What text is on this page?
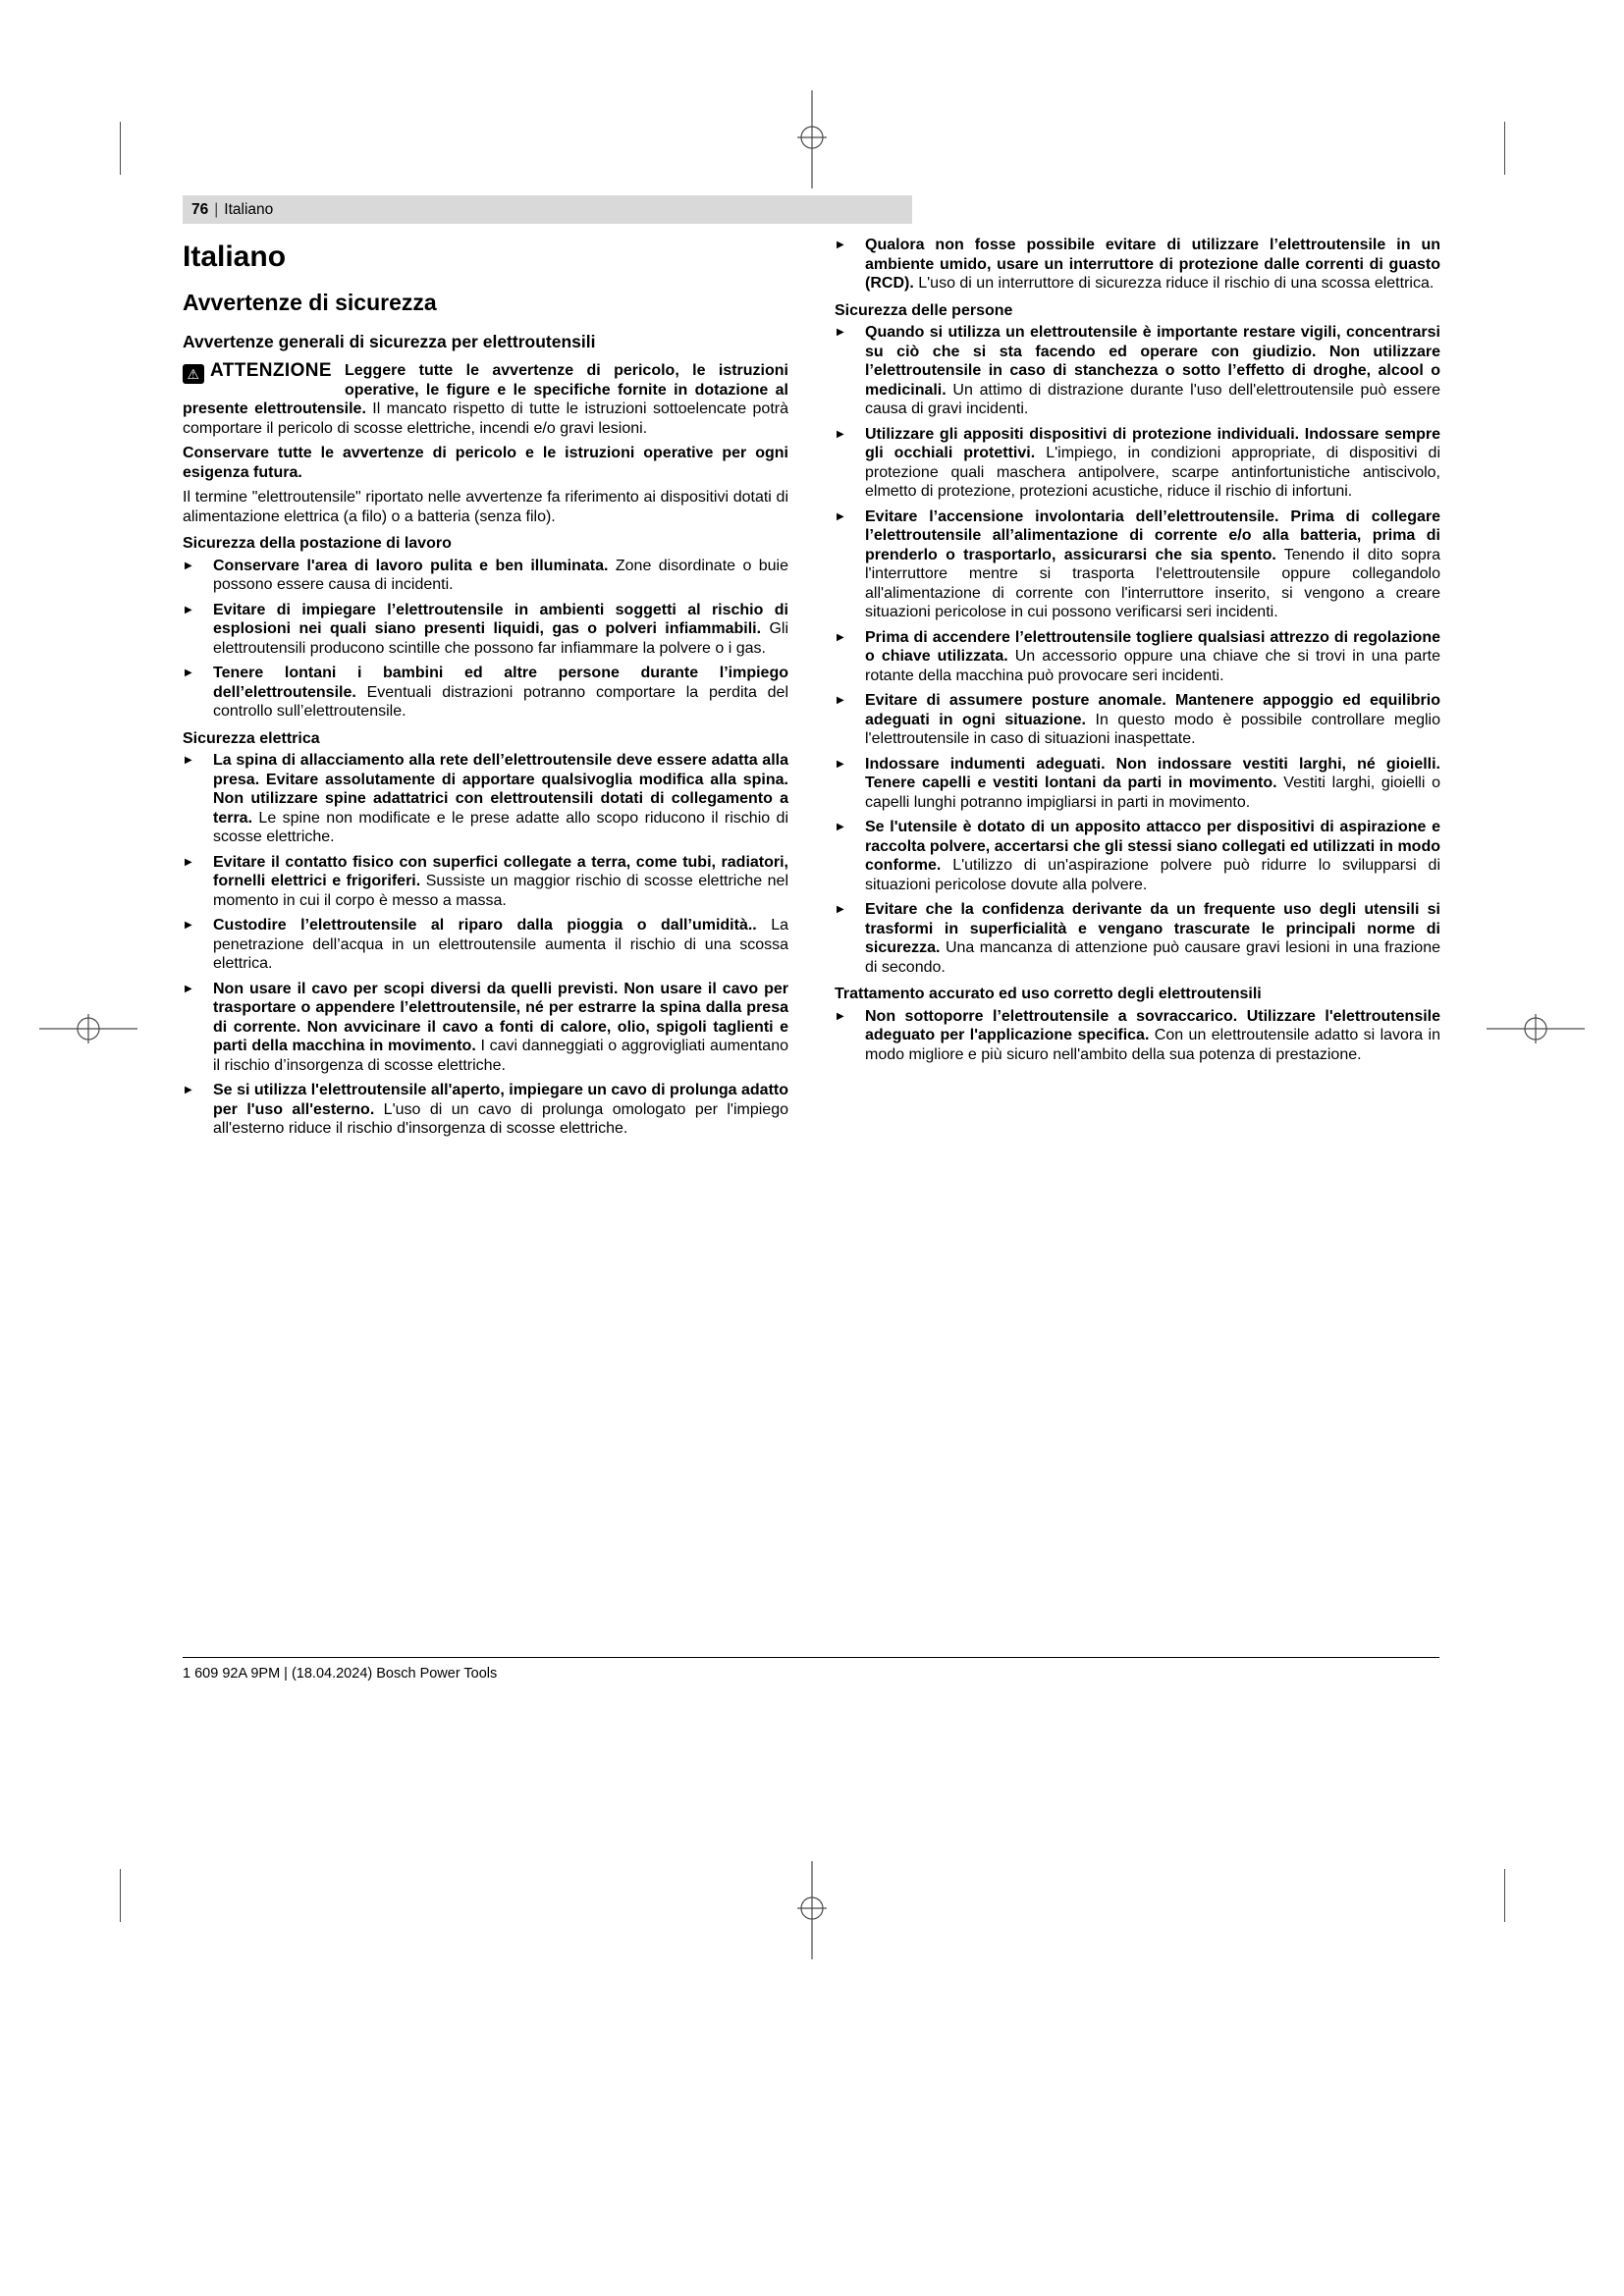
76 | Italiano
Italiano
Avvertenze di sicurezza
Avvertenze generali di sicurezza per elettroutensili
⚠ ATTENZIONE Leggere tutte le avvertenze di pericolo, le istruzioni operative, le figure e le specifiche fornite in dotazione al presente elettroutensile. Il mancato rispetto di tutte le istruzioni sottoelencate potrà comportare il pericolo di scosse elettriche, incendi e/o gravi lesioni.
Conservare tutte le avvertenze di pericolo e le istruzioni operative per ogni esigenza futura.
Il termine "elettroutensile" riportato nelle avvertenze fa riferimento ai dispositivi dotati di alimentazione elettrica (a filo) o a batteria (senza filo).
Sicurezza della postazione di lavoro
▶ Conservare l'area di lavoro pulita e ben illuminata. Zone disordinate o buie possono essere causa di incidenti.
▶ Evitare di impiegare l’elettroutensile in ambienti soggetti al rischio di esplosioni nei quali siano presenti liquidi, gas o polveri infiammabili. Gli elettroutensili producono scintille che possono far infiammare la polvere o i gas.
▶ Tenere lontani i bambini ed altre persone durante l’impiego dell’elettroutensile. Eventuali distrazioni potranno comportare la perdita del controllo sull’elettroutensile.
Sicurezza elettrica
▶ La spina di allacciamento alla rete dell’elettroutensile deve essere adatta alla presa. Evitare assolutamente di apportare qualsivoglia modifica alla spina. Non utilizzare spine adattatrici con elettroutensili dotati di collegamento a terra. Le spine non modificate e le prese adatte allo scopo riducono il rischio di scosse elettriche.
▶ Evitare il contatto fisico con superfici collegate a terra, come tubi, radiatori, fornelli elettrici e frigoriferi. Sussiste un maggior rischio di scosse elettriche nel momento in cui il corpo è messo a massa.
▶ Custodire l’elettroutensile al riparo dalla pioggia o dall’umidità.. La penetrazione dell’acqua in un elettroutensile aumenta il rischio di una scossa elettrica.
▶ Non usare il cavo per scopi diversi da quelli previsti. Non usare il cavo per trasportare o appendere l’elettroutensile, né per estrarre la spina dalla presa di corrente. Non avvicinare il cavo a fonti di calore, olio, spigoli taglienti e parti della macchina in movimento. I cavi danneggiati o aggrovigliati aumentano il rischio d’insorgenza di scosse elettriche.
▶ Se si utilizza l'elettroutensile all'aperto, impiegare un cavo di prolunga adatto per l'uso all'esterno. L'uso di un cavo di prolunga omologato per l'impiego all'esterno riduce il rischio d'insorgenza di scosse elettriche.
▶ Qualora non fosse possibile evitare di utilizzare l’elettroutensile in un ambiente umido, usare un interruttore di protezione dalle correnti di guasto (RCD). L'uso di un interruttore di sicurezza riduce il rischio di una scossa elettrica.
Sicurezza delle persone
▶ Quando si utilizza un elettroutensile è importante restare vigili, concentrarsi su ciò che si sta facendo ed operare con giudizio. Non utilizzare l’elettroutensile in caso di stanchezza o sotto l’effetto di droghe, alcool o medicinali. Un attimo di distrazione durante l'uso dell'elettroutensile può essere causa di gravi incidenti.
▶ Utilizzare gli appositi dispositivi di protezione individuali. Indossare sempre gli occhiali protettivi. L'impiego, in condizioni appropriate, di dispositivi di protezione quali maschera antipolvere, scarpe antinfortunistiche antiscivolo, elmetto di protezione, protezioni acustiche, riduce il rischio di infortuni.
▶ Evitare l’accensione involontaria dell’elettroutensile. Prima di collegare l’elettroutensile all’alimentazione di corrente e/o alla batteria, prima di prenderlo o trasportarlo, assicurarsi che sia spento. Tenendo il dito sopra l'interruttore mentre si trasporta l'elettroutensile oppure collegandolo all'alimentazione di corrente con l'interruttore inserito, si vengono a creare situazioni pericolose in cui possono verificarsi seri incidenti.
▶ Prima di accendere l’elettroutensile togliere qualsiasi attrezzo di regolazione o chiave utilizzata. Un accessorio oppure una chiave che si trovi in una parte rotante della macchina può provocare seri incidenti.
▶ Evitare di assumere posture anomale. Mantenere appoggio ed equilibrio adeguati in ogni situazione. In questo modo è possibile controllare meglio l'elettroutensile in caso di situazioni inaspettate.
▶ Indossare indumenti adeguati. Non indossare vestiti larghi, né gioielli. Tenere capelli e vestiti lontani da parti in movimento. Vestiti larghi, gioielli o capelli lunghi potranno impigliarsi in parti in movimento.
▶ Se l'utensile è dotato di un apposito attacco per dispositivi di aspirazione e raccolta polvere, accertarsi che gli stessi siano collegati ed utilizzati in modo conforme. L'utilizzo di un'aspirazione polvere può ridurre lo svilupparsi di situazioni pericolose dovute alla polvere.
▶ Evitare che la confidenza derivante da un frequente uso degli utensili si trasformi in superficialità e vengano trascurate le principali norme di sicurezza. Una mancanza di attenzione può causare gravi lesioni in una frazione di secondo.
Trattamento accurato ed uso corretto degli elettroutensili
▶ Non sottoporre l’elettroutensile a sovraccarico. Utilizzare l'elettroutensile adeguato per l'applicazione specifica. Con un elettroutensile adatto si lavora in modo migliore e più sicuro nell'ambito della sua potenza di prestazione.
1 609 92A 9PM | (18.04.2024) Bosch Power Tools
